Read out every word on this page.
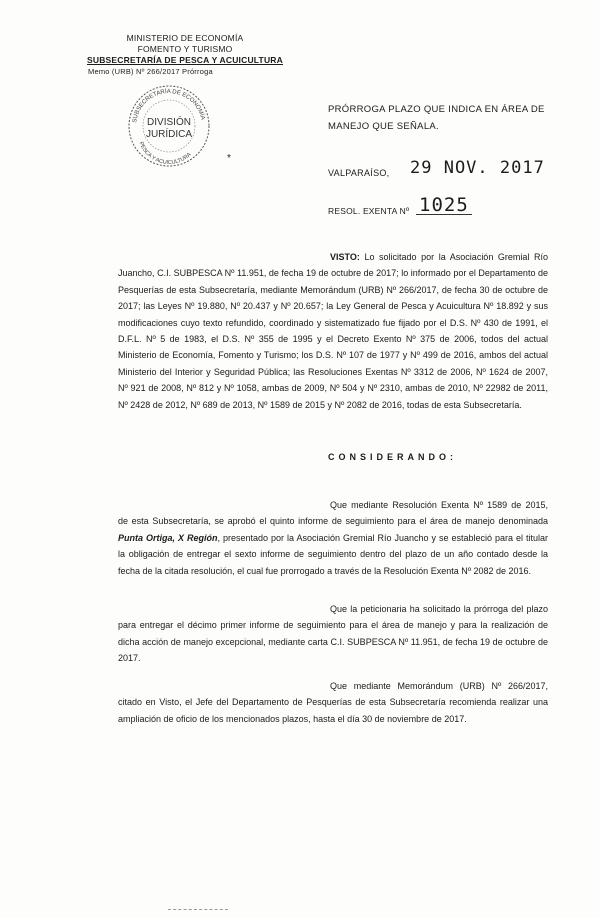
MINISTERIO DE ECONOMÍA
FOMENTO Y TURISMO
SUBSECRETARÍA DE PESCA Y ACUICULTURA
Memo (URB) Nº 266/2017 Prórroga
SUBSECRETARÍA DE ECONOMÍA
PESCA Y ACUICULTURA
DIVISIÓN
JURÍDICA
*
PRÓRROGA PLAZO QUE INDICA EN ÁREA DE MANEJO QUE SEÑALA.
VALPARAÍSO, 29 NOV. 2017
RESOL. EXENTA Nº 1025

VISTO: Lo solicitado por la Asociación Gremial Río Juancho, C.I. SUBPESCA Nº 11.951, de fecha 19 de octubre de 2017; lo informado por el Departamento de Pesquerías de esta Subsecretaría, mediante Memorándum (URB) Nº 266/2017, de fecha 30 de octubre de 2017; las Leyes Nº 19.880, Nº 20.437 y Nº 20.657; la Ley General de Pesca y Acuicultura Nº 18.892 y sus modificaciones cuyo texto refundido, coordinado y sistematizado fue fijado por el D.S. Nº 430 de 1991, el D.F.L. Nº 5 de 1983, el D.S. Nº 355 de 1995 y el Decreto Exento Nº 375 de 2006, todos del actual Ministerio de Economía, Fomento y Turismo; los D.S. Nº 107 de 1977 y Nº 499 de 2016, ambos del actual Ministerio del Interior y Seguridad Pública; las Resoluciones Exentas Nº 3312 de 2006, Nº 1624 de 2007, Nº 921 de 2008, Nº 812 y Nº 1058, ambas de 2009, Nº 504 y Nº 2310, ambas de 2010, Nº 22982 de 2011, Nº 2428 de 2012, Nº 689 de 2013, Nº 1589 de 2015 y Nº 2082 de 2016, todas de esta Subsecretaría.

CONSIDERANDO:

Que mediante Resolución Exenta Nº 1589 de 2015, de esta Subsecretaría, se aprobó el quinto informe de seguimiento para el área de manejo denominada Punta Ortiga, X Región, presentado por la Asociación Gremial Río Juancho y se estableció para el titular la obligación de entregar el sexto informe de seguimiento dentro del plazo de un año contado desde la fecha de la citada resolución, el cual fue prorrogado a través de la Resolución Exenta Nº 2082 de 2016.

Que la peticionaria ha solicitado la prórroga del plazo para entregar el décimo primer informe de seguimiento para el área de manejo y para la realización de dicha acción de manejo excepcional, mediante carta C.I. SUBPESCA Nº 11.951, de fecha 19 de octubre de 2017.

Que mediante Memorándum (URB) Nº 266/2017, citado en Visto, el Jefe del Departamento de Pesquerías de esta Subsecretaría recomienda realizar una ampliación de oficio de los mencionados plazos, hasta el día 30 de noviembre de 2017.
